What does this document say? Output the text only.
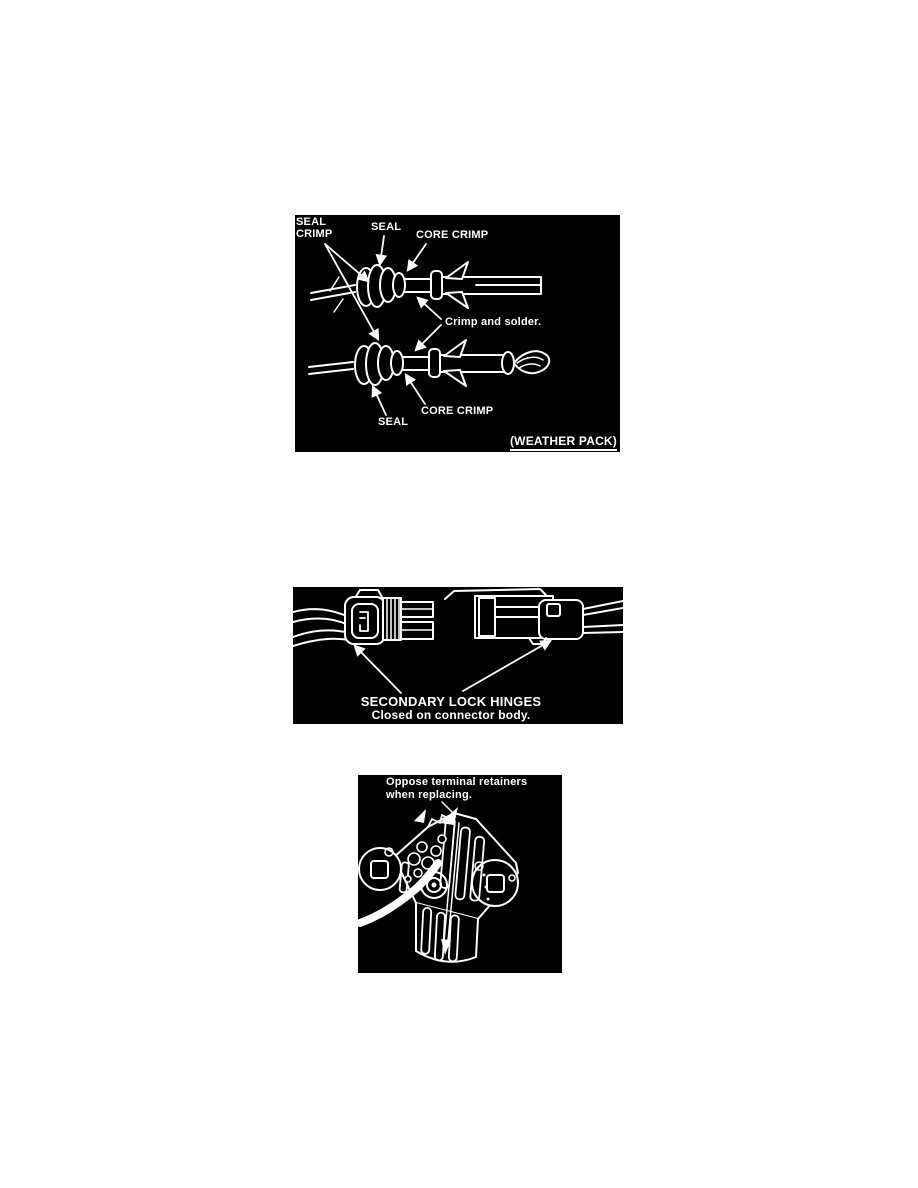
SEAL CRIMP
SEAL
CORE CRIMP
Crimp and solder.
SEAL
CORE CRIMP
(WEATHER PACK)
SECONDARY LOCK HINGES
Closed on connector body.
Oppose terminal retainers
when replacing.
